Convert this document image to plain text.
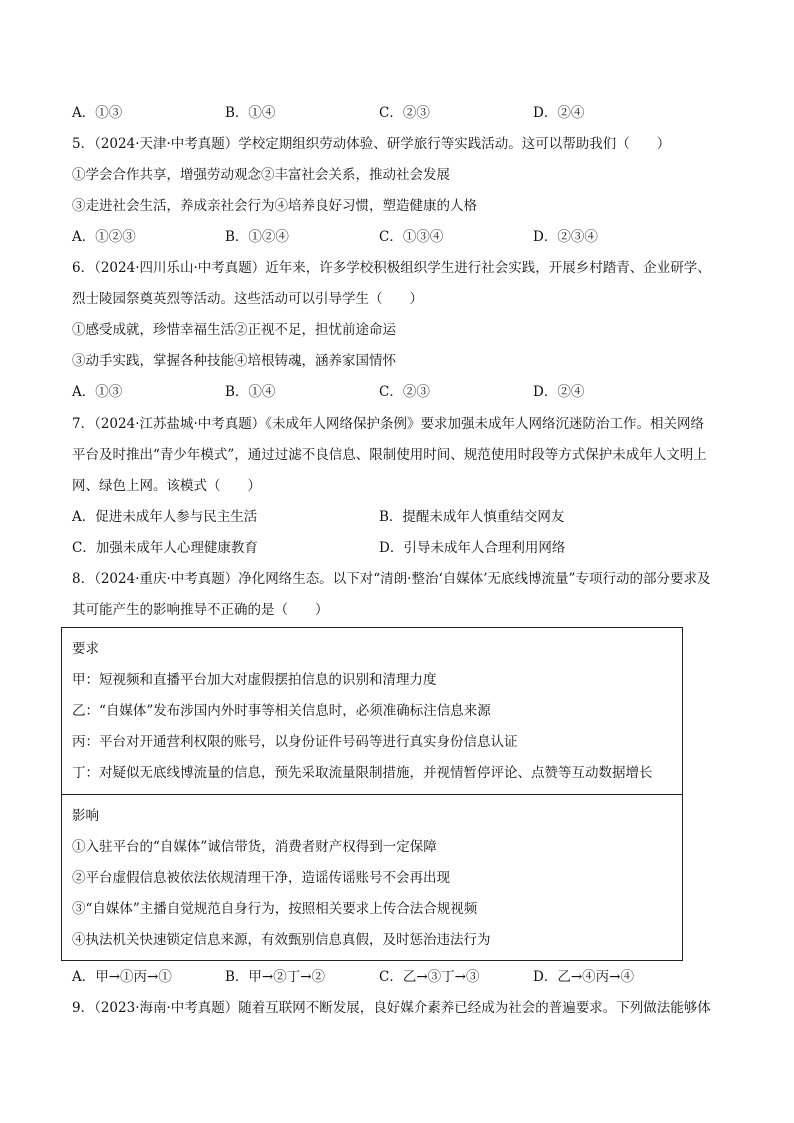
A．①③	B．①④	C．②③	D．②④
5．（2024·天津·中考真题）学校定期组织劳动体验、研学旅行等实践活动。这可以帮助我们（　　）
①学会合作共享，增强劳动观念②丰富社会关系，推动社会发展
③走进社会生活，养成亲社会行为④培养良好习惯，塑造健康的人格
A．①②③	B．①②④	C．①③④	D．②③④
6．（2024·四川乐山·中考真题）近年来，许多学校积极组织学生进行社会实践，开展乡村踏青、企业研学、
烈士陵园祭奠英烈等活动。这些活动可以引导学生（　　）
①感受成就，珍惜幸福生活②正视不足，担忧前途命运
③动手实践，掌握各种技能④培根铸魂，涵养家国情怀
A．①③	B．①④	C．②③	D．②④
7．（2024·江苏盐城·中考真题）《未成年人网络保护条例》要求加强未成年人网络沉迷防治工作。相关网络
平台及时推出“青少年模式”，通过过滤不良信息、限制使用时间、规范使用时段等方式保护未成年人文明上
网、绿色上网。该模式（　　）
A．促进未成年人参与民主生活	B．提醒未成年人慎重结交网友
C．加强未成年人心理健康教育	D．引导未成年人合理利用网络
8．（2024·重庆·中考真题）净化网络生态。以下对“清朗·整治‘自媒体’无底线博流量”专项行动的部分要求及
其可能产生的影响推导不正确的是（　　）
要求
甲：短视频和直播平台加大对虚假摆拍信息的识别和清理力度
乙：“自媒体”发布涉国内外时事等相关信息时，必须准确标注信息来源
丙：平台对开通营利权限的账号，以身份证件号码等进行真实身份信息认证
丁：对疑似无底线博流量的信息，预先采取流量限制措施，并视情暂停评论、点赞等互动数据增长
影响
①入驻平台的“自媒体”诚信带货，消费者财产权得到一定保障
②平台虚假信息被依法依规清理干净，造谣传谣账号不会再出现
③“自媒体”主播自觉规范自身行为，按照相关要求上传合法合规视频
④执法机关快速锁定信息来源，有效甄别信息真假，及时惩治违法行为
A．甲→①丙→①	B．甲→②丁→②	C．乙→③丁→③	D．乙→④丙→④
9．（2023·海南·中考真题）随着互联网不断发展，良好媒介素养已经成为社会的普遍要求。下列做法能够体
